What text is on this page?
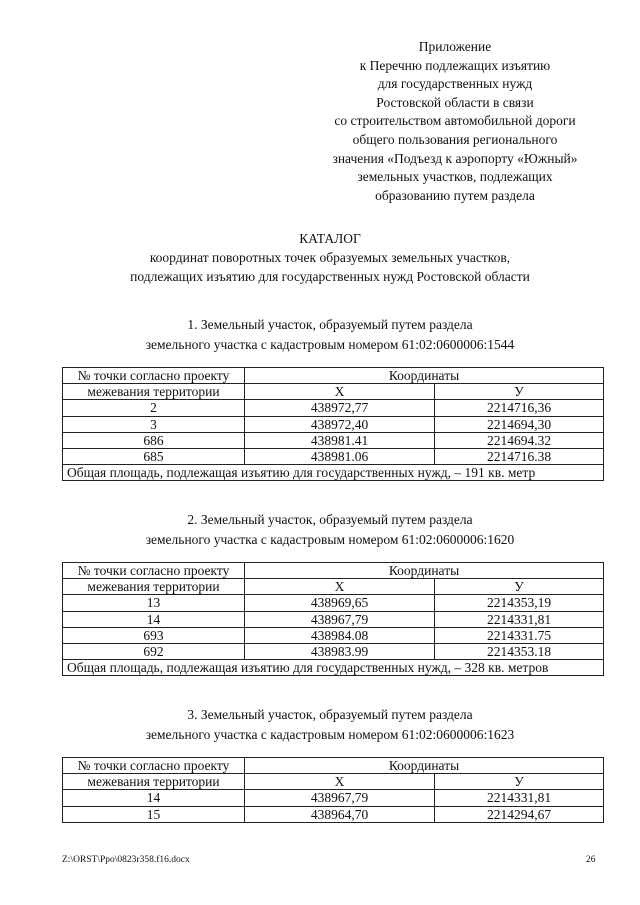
Приложение
к Перечню подлежащих изъятию
для государственных нужд
Ростовской области в связи
со строительством автомобильной дороги
общего пользования регионального
значения «Подъезд к аэропорту «Южный»
земельных участков, подлежащих
образованию путем раздела
КАТАЛОГ
координат поворотных точек образуемых земельных участков,
подлежащих изъятию для государственных нужд Ростовской области
1. Земельный участок, образуемый путем раздела
земельного участка с кадастровым номером 61:02:0600006:1544
№ точки согласно проекту	Координаты	
межевания территории	Х	У
2	438972,77	2214716,36
3	438972,40	2214694,30
686	438981.41	2214694.32
685	438981.06	2214716.38
Общая площадь, подлежащая изъятию для государственных нужд, – 191 кв. метр		
2. Земельный участок, образуемый путем раздела
земельного участка с кадастровым номером 61:02:0600006:1620
№ точки согласно проекту	Координаты	
межевания территории	Х	У
13	438969,65	2214353,19
14	438967,79	2214331,81
693	438984.08	2214331.75
692	438983.99	2214353.18
Общая площадь, подлежащая изъятию для государственных нужд, – 328 кв. метров		
3. Земельный участок, образуемый путем раздела
земельного участка с кадастровым номером 61:02:0600006:1623
№ точки согласно проекту	Координаты	
межевания территории	Х	У
14	438967,79	2214331,81
15	438964,70	2214294,67
Z:\ORST\Ppo\0823r358.f16.docx	26
